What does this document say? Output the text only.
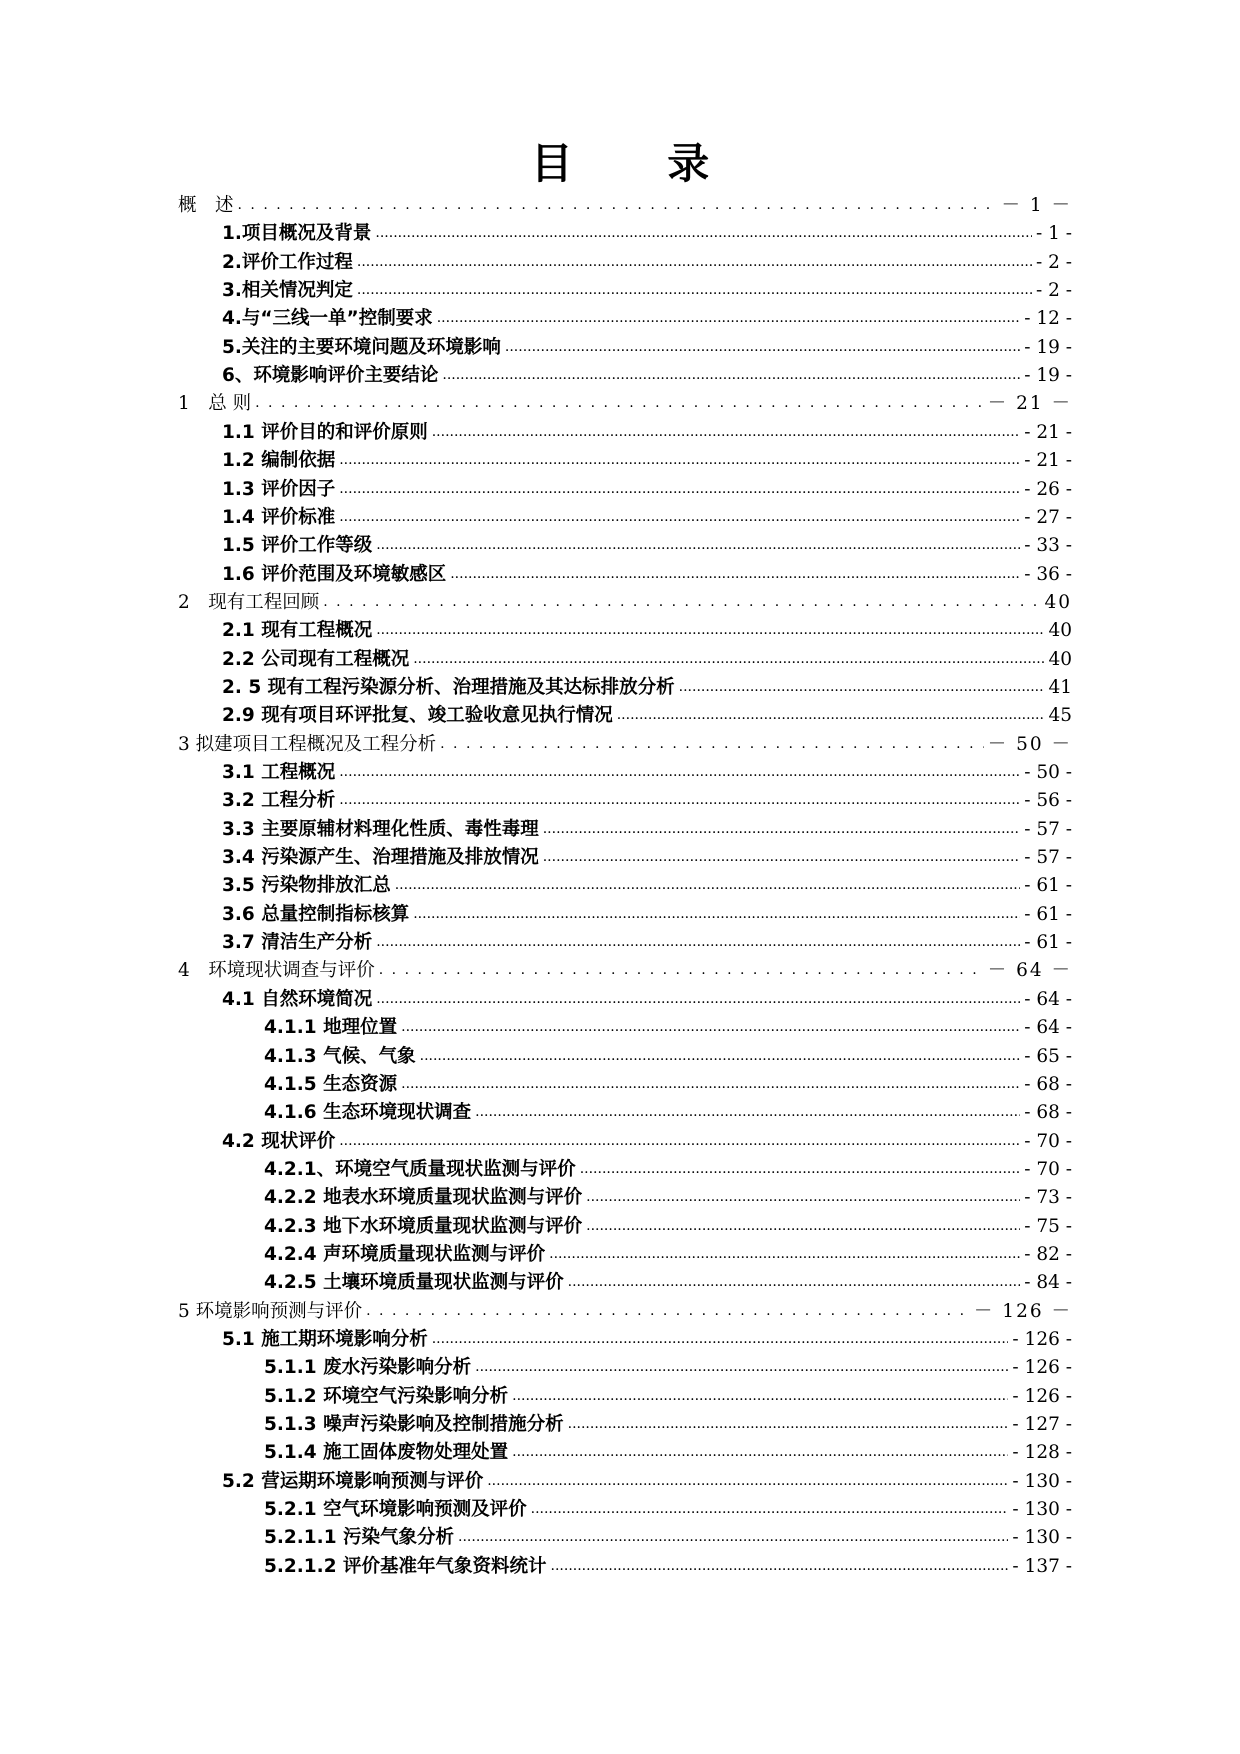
目 录
概　述 . . .	－ 1 －
1.项目概况及背景 .....	- 1 -
2.评价工作过程 .....	- 2 -
3.相关情况判定 .....	- 2 -
4.与“三线一单”控制要求 .....	- 12 -
5.关注的主要环境问题及环境影响 .....	- 19 -
6、环境影响评价主要结论 .....	- 19 -
1　总 则 . . .	－ 21 －
1.1 评价目的和评价原则 .....	- 21 -
1.2 编制依据 .....	- 21 -
1.3 评价因子 .....	- 26 -
1.4 评价标准 .....	- 27 -
1.5 评价工作等级 .....	- 33 -
1.6 评价范围及环境敏感区 .....	- 36 -
2　现有工程回顾 . . .	40
2.1 现有工程概况 .....	40
2.2 公司现有工程概况 .....	40
2. 5 现有工程污染源分析、治理措施及其达标排放分析 .....	41
2.9 现有项目环评批复、竣工验收意见执行情况 .....	45
3 拟建项目工程概况及工程分析 . . .	－ 50 －
3.1 工程概况 .....	- 50 -
3.2 工程分析 .....	- 56 -
3.3 主要原辅材料理化性质、毒性毒理 .....	- 57 -
3.4 污染源产生、治理措施及排放情况 .....	- 57 -
3.5 污染物排放汇总 .....	- 61 -
3.6 总量控制指标核算 .....	- 61 -
3.7 清洁生产分析 .....	- 61 -
4　环境现状调查与评价 . . .	－ 64 －
4.1 自然环境简况 .....	- 64 -
4.1.1 地理位置 .....	- 64 -
4.1.3 气候、气象 .....	- 65 -
4.1.5 生态资源 .....	- 68 -
4.1.6 生态环境现状调查 .....	- 68 -
4.2 现状评价 .....	- 70 -
4.2.1、环境空气质量现状监测与评价 .....	- 70 -
4.2.2 地表水环境质量现状监测与评价 .....	- 73 -
4.2.3 地下水环境质量现状监测与评价 .....	- 75 -
4.2.4 声环境质量现状监测与评价 .....	- 82 -
4.2.5 土壤环境质量现状监测与评价 .....	- 84 -
5 环境影响预测与评价 . . .	－ 126 －
5.1 施工期环境影响分析 .....	- 126 -
5.1.1 废水污染影响分析 .....	- 126 -
5.1.2 环境空气污染影响分析 .....	- 126 -
5.1.3 噪声污染影响及控制措施分析 .....	- 127 -
5.1.4 施工固体废物处理处置 .....	- 128 -
5.2 营运期环境影响预测与评价 .....	- 130 -
5.2.1 空气环境影响预测及评价 .....	- 130 -
5.2.1.1 污染气象分析 .....	- 130 -
5.2.1.2 评价基准年气象资料统计 .....	- 137 -
